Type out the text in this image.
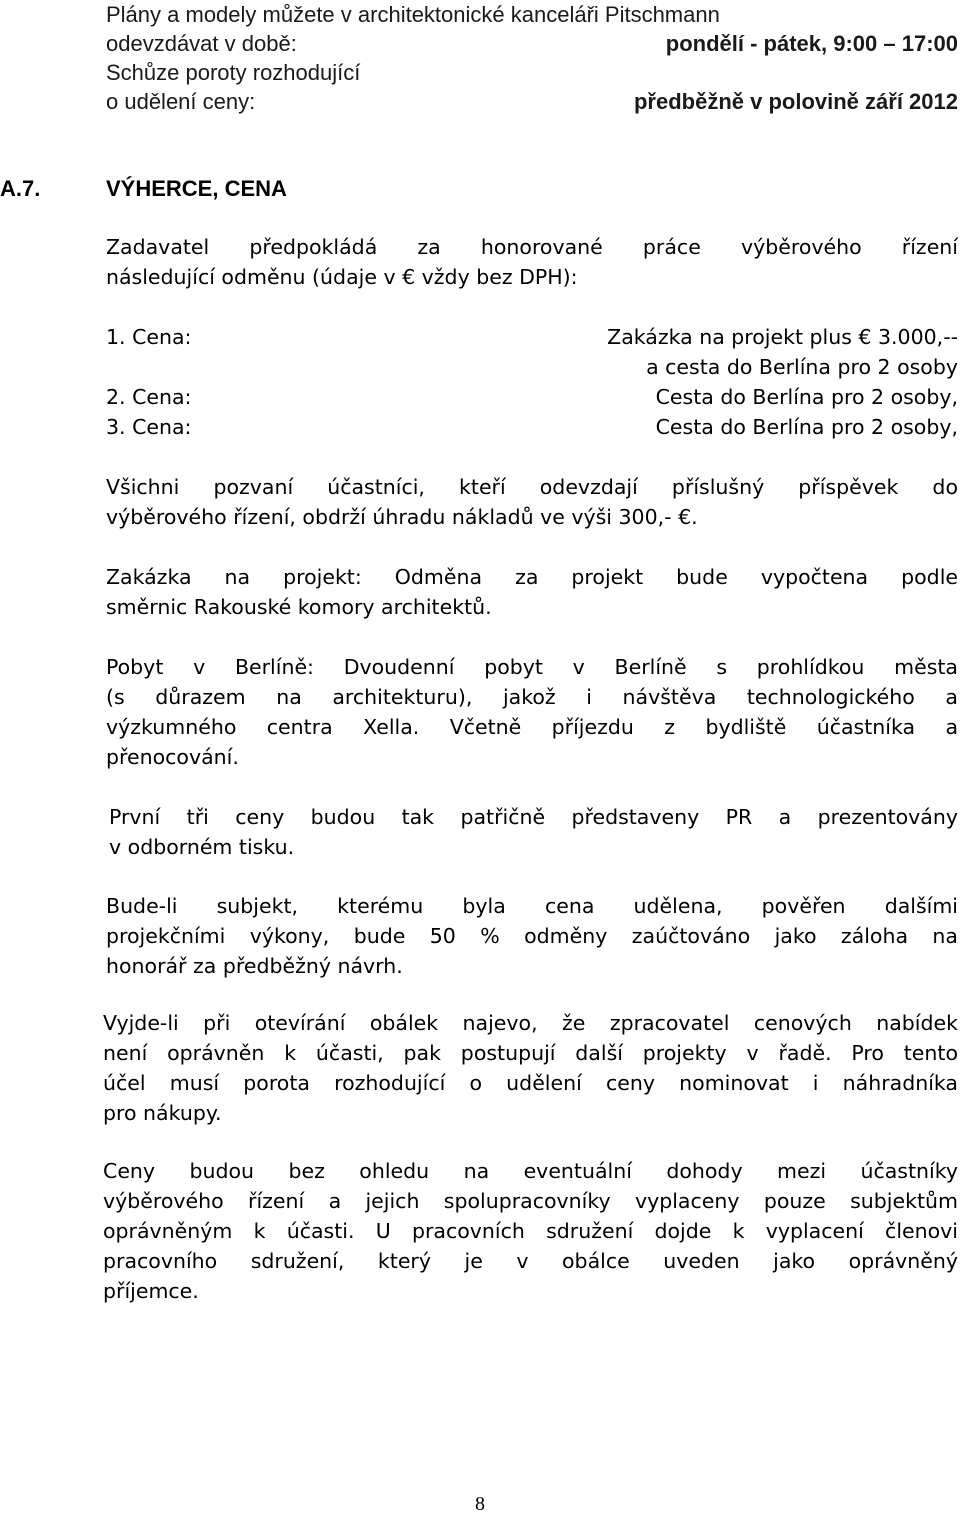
Plány a modely můžete v architektonické kanceláři Pitschmann
odevzdávat v době:	pondělí - pátek, 9:00 – 17:00
Schůze poroty rozhodující
o udělení ceny:	předběžně v polovině září 2012
A.7.	VÝHERCE, CENA
Zadavatel předpokládá za honorované práce výběrového řízení
následující odměnu (údaje v € vždy bez DPH):
1. Cena:	Zakázka na projekt plus € 3.000,--
a cesta do Berlína pro 2 osoby
2. Cena:	Cesta do Berlína pro 2 osoby,
3. Cena:	Cesta do Berlína pro 2 osoby,
Všichni pozvaní účastníci, kteří odevzdají příslušný příspěvek do
výběrového řízení, obdrží úhradu nákladů ve výši 300,- €.
Zakázka na projekt: Odměna za projekt bude vypočtena podle
směrnic Rakouské komory architektů.
Pobyt v Berlíně: Dvoudenní pobyt v Berlíně s prohlídkou města
(s důrazem na architekturu), jakož i návštěva technologického a
výzkumného centra Xella. Včetně příjezdu z bydliště účastníka a
přenocování.
První tři ceny budou tak patřičně představeny PR a prezentovány
v odborném tisku.
Bude-li subjekt, kterému byla cena udělena, pověřen dalšími
projekčními výkony, bude 50 % odměny zaúčtováno jako záloha na
honorář za předběžný návrh.
Vyjde-li při otevírání obálek najevo, že zpracovatel cenových nabídek
není oprávněn k účasti, pak postupují další projekty v řadě. Pro tento
účel musí porota rozhodující o udělení ceny nominovat i náhradníka
pro nákupy.
Ceny budou bez ohledu na eventuální dohody mezi účastníky
výběrového řízení a jejich spolupracovníky vyplaceny pouze subjektům
oprávněným k účasti. U pracovních sdružení dojde k vyplacení členovi
pracovního sdružení, který je v obálce uveden jako oprávněný
příjemce.
8
